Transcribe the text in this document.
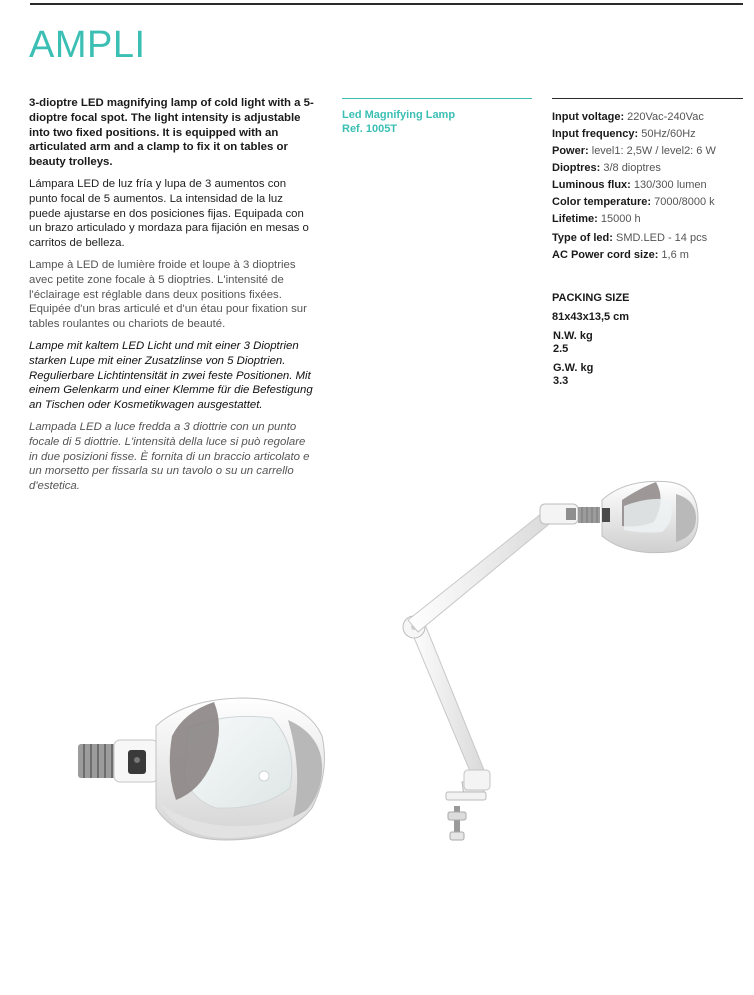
AMPLI

3-dioptre LED magnifying lamp of cold light with a 5-dioptre focal spot. The light intensity is adjustable into two fixed positions. It is equipped with an articulated arm and a clamp to fix it on tables or beauty trolleys.

Lámpara LED de luz fría y lupa de 3 aumentos con punto focal de 5 aumentos. La intensidad de la luz puede ajustarse en dos posiciones fijas. Equipada con un brazo articulado y mordaza para fijación en mesas o carritos de belleza.

Lampe à LED de lumière froide et loupe à 3 dioptries avec petite zone focale à 5 dioptries. L'intensité de l'éclairage est réglable dans deux positions fixées. Equipée d'un bras articulé et d'un étau pour fixation sur tables roulantes ou chariots de beauté.

Lampe mit kaltem LED Licht und mit einer 3 Dioptrien starken Lupe mit einer Zusatzlinse von 5 Dioptrien. Regulierbare Lichtintensität in zwei feste Positionen. Mit einem Gelenkarm und einer Klemme für die Befestigung an Tischen oder Kosmetikwagen ausgestattet.

Lampada LED a luce fredda a 3 diottrie con un punto focale di 5 diottrie. L'intensità della luce si può regolare in due posizioni fisse. È fornita di un braccio articolato e un morsetto per fissarla su un tavolo o su un carrello d'estetica.

Led Magnifying Lamp
Ref. 1005T
Input voltage: 220Vac-240Vac
Input frequency: 50Hz/60Hz
Power: level1: 2,5W / level2: 6 W
Dioptres: 3/8 dioptres
Luminous flux: 130/300 lumen
Color temperature: 7000/8000 k
Lifetime: 15000 h
Type of led: SMD.LED - 14 pcs
AC Power cord size: 1,6 m
PACKING SIZE
81x43x13,5 cm
N.W. kg
2.5
G.W. kg
3.3
